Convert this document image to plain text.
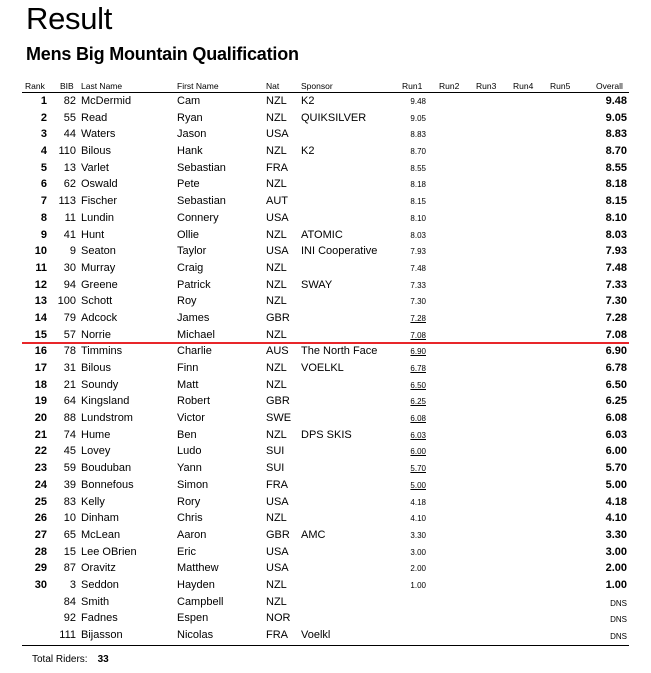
Result
Mens Big Mountain Qualification
Rank BIB Last Name	First Name	Nat	Sponsor	Run1 Run2 Run3 Run4 Run5	Overall
1 82 McDermid	Cam	NZL K2	9.48	9.48
2 55 Read	Ryan	NZL QUIKSILVER	9.05	9.05
3 44 Waters	Jason	USA	8.83	8.83
4 110 Bilous	Hank	NZL K2	8.70	8.70
5 13 Varlet	Sebastian	FRA	8.55	8.55
6 62 Oswald	Pete	NZL	8.18	8.18
7 113 Fischer	Sebastian	AUT	8.15	8.15
8 11 Lundin	Connery	USA	8.10	8.10
9 41 Hunt	Ollie	NZL ATOMIC	8.03	8.03
10 9 Seaton	Taylor	USA INI Cooperative	7.93	7.93
11 30 Murray	Craig	NZL	7.48	7.48
12 94 Greene	Patrick	NZL SWAY	7.33	7.33
13 100 Schott	Roy	NZL	7.30	7.30
14 79 Adcock	James	GBR	7.28	7.28
15 57 Norrie	Michael	NZL	7.08	7.08
16 78 Timmins	Charlie	AUS The North Face	6.90	6.90
17 31 Bilous	Finn	NZL VOELKL	6.78	6.78
18 21 Soundy	Matt	NZL	6.50	6.50
19 64 Kingsland	Robert	GBR	6.25	6.25
20 88 Lundstrom	Victor	SWE	6.08	6.08
21 74 Hume	Ben	NZL DPS SKIS	6.03	6.03
22 45 Lovey	Ludo	SUI	6.00	6.00
23 59 Bouduban	Yann	SUI	5.70	5.70
24 39 Bonnefous	Simon	FRA	5.00	5.00
25 83 Kelly	Rory	USA	4.18	4.18
26 10 Dinham	Chris	NZL	4.10	4.10
27 65 McLean	Aaron	GBR AMC	3.30	3.30
28 15 Lee OBrien	Eric	USA	3.00	3.00
29 87 Oravitz	Matthew	USA	2.00	2.00
30 3 Seddon	Hayden	NZL	1.00	1.00
84 Smith	Campbell	NZL	DNS
92 Fadnes	Espen	NOR	DNS
111 Bijasson	Nicolas	FRA Voelkl	DNS
Total Riders: 33
